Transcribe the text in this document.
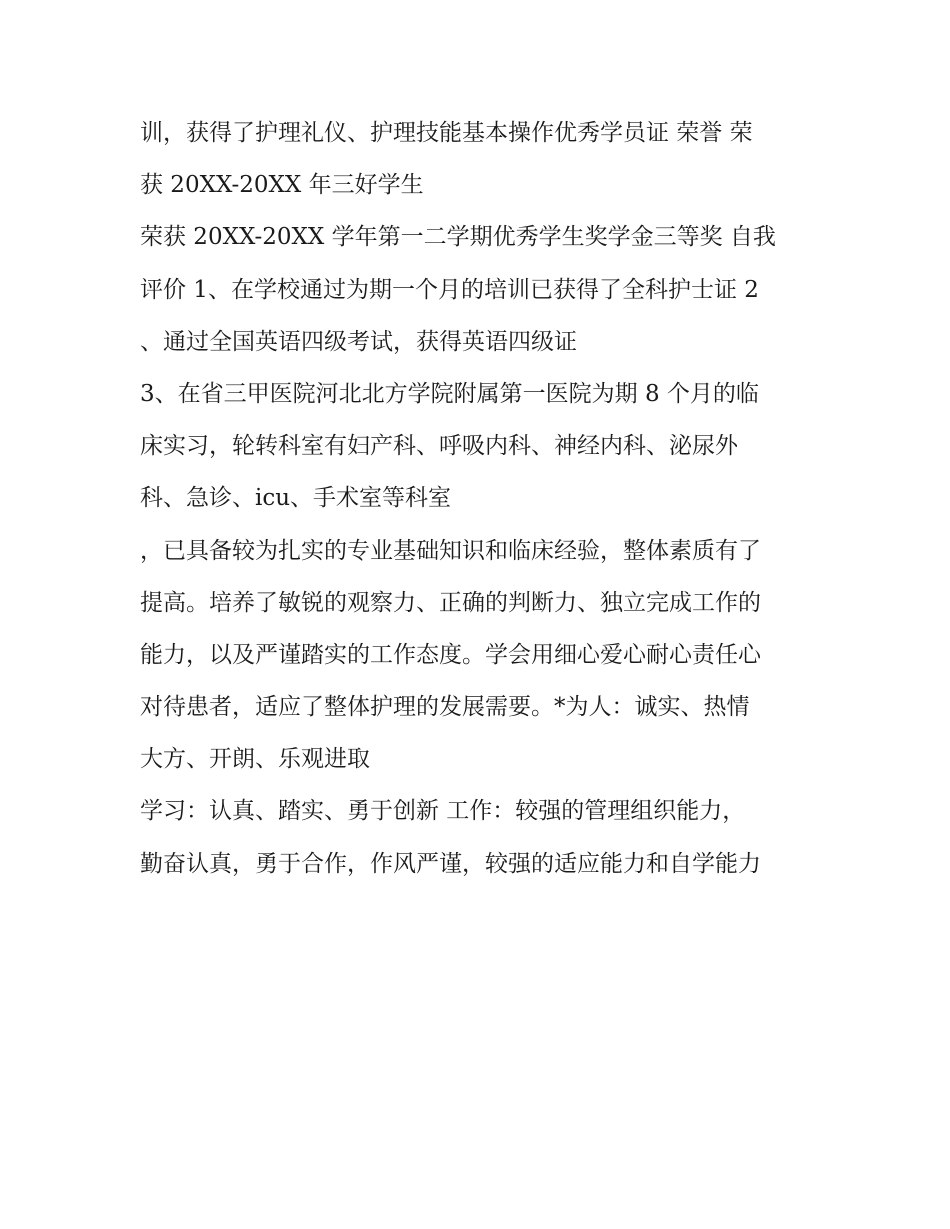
训，获得了护理礼仪、护理技能基本操作优秀学员证 荣誉 荣
获 20XX-20XX 年三好学生
荣获 20XX-20XX 学年第一二学期优秀学生奖学金三等奖 自我
评价 1、在学校通过为期一个月的培训已获得了全科护士证 2
、通过全国英语四级考试，获得英语四级证
3、在省三甲医院河北北方学院附属第一医院为期 8 个月的临
床实习，轮转科室有妇产科、呼吸内科、神经内科、泌尿外
科、急诊、icu、手术室等科室
，已具备较为扎实的专业基础知识和临床经验，整体素质有了
提高。培养了敏锐的观察力、正确的判断力、独立完成工作的
能力，以及严谨踏实的工作态度。学会用细心爱心耐心责任心
对待患者，适应了整体护理的发展需要。*为人：诚实、热情
大方、开朗、乐观进取
学习：认真、踏实、勇于创新 工作：较强的管理组织能力，
勤奋认真，勇于合作，作风严谨，较强的适应能力和自学能力
